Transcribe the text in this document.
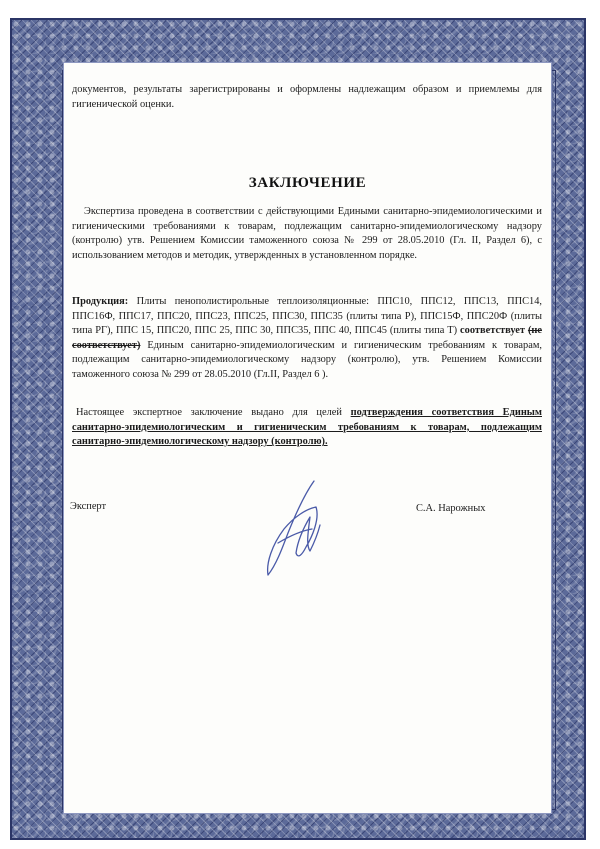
документов, результаты зарегистрированы и оформлены надлежащим образом и приемлемы для гигиенической оценки.
ЗАКЛЮЧЕНИЕ
Экспертиза проведена в соответствии с действующими Едиными санитарно-эпидемиологическими и гигиеническими требованиями к товарам, подлежащим санитарно-эпидемиологическому надзору (контролю) утв. Решением Комиссии таможенного союза № 299 от 28.05.2010 (Гл. II, Раздел 6), с использованием методов и методик, утвержденных в установленном порядке.
Продукция: Плиты пенополистирольные теплоизоляционные: ППС10, ППС12, ППС13, ППС14, ППС16Ф, ППС17, ППС20, ППС23, ППС25, ППС30, ППС35 (плиты типа Р), ППС15Ф, ППС20Ф (плиты типа РГ), ППС 15, ППС20, ППС 25, ППС 30, ППС35, ППС 40, ППС45 (плиты типа Т) соответствует (не соответствует) Единым санитарно-эпидемиологическим и гигиеническим требованиям к товарам, подлежащим санитарно-эпидемиологическому надзору (контролю), утв. Решением Комиссии таможенного союза № 299 от 28.05.2010 (Гл.II, Раздел 6 ).
Настоящее экспертное заключение выдано для целей подтверждения соответствия Единым санитарно-эпидемиологическим и гигиеническим требованиям к товарам, подлежащим санитарно-эпидемиологическому надзору (контролю).
Эксперт	С.А. Нарожных
